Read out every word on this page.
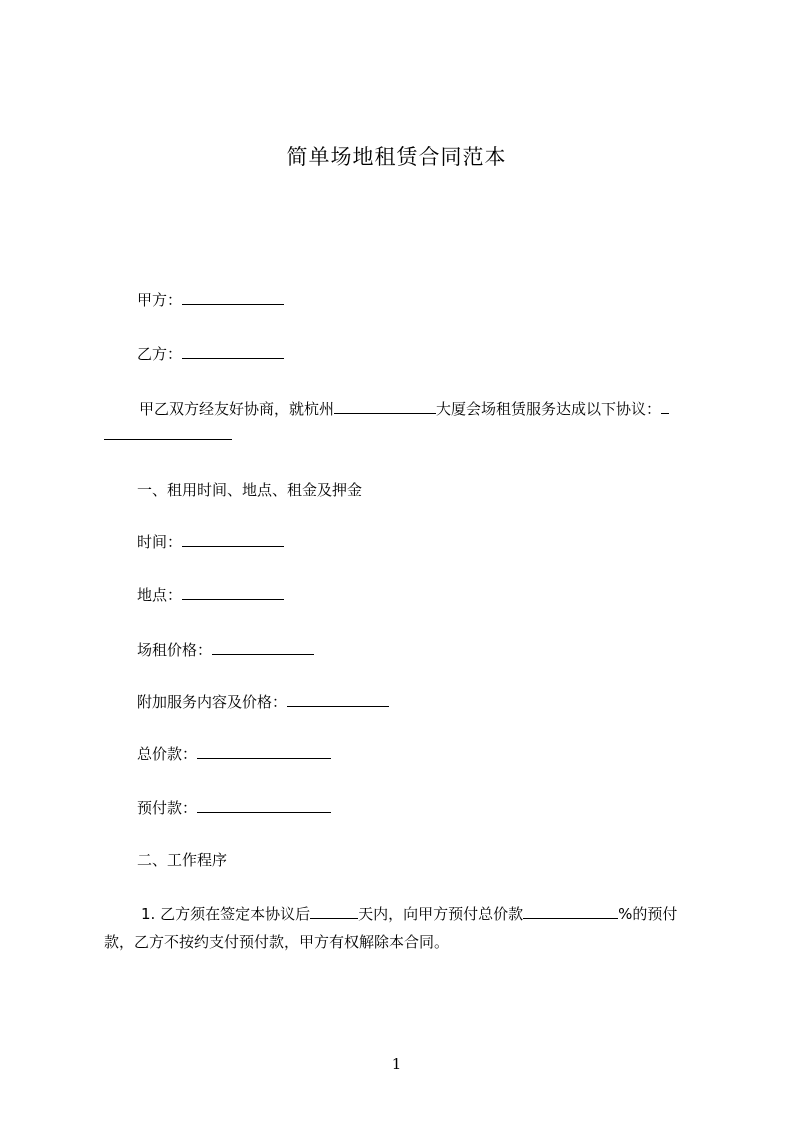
简单场地租赁合同范本
甲方：
乙方：
甲乙双方经友好协商，就杭州	大厦会场租赁服务达成以下协议：
一、租用时间、地点、租金及押金
时间：
地点：
场租价格：
附加服务内容及价格：
总价款：
预付款：
二、工作程序
1. 乙方须在签定本协议后	天内，向甲方预付总价款	%的预付
款，乙方不按约支付预付款，甲方有权解除本合同。
1
